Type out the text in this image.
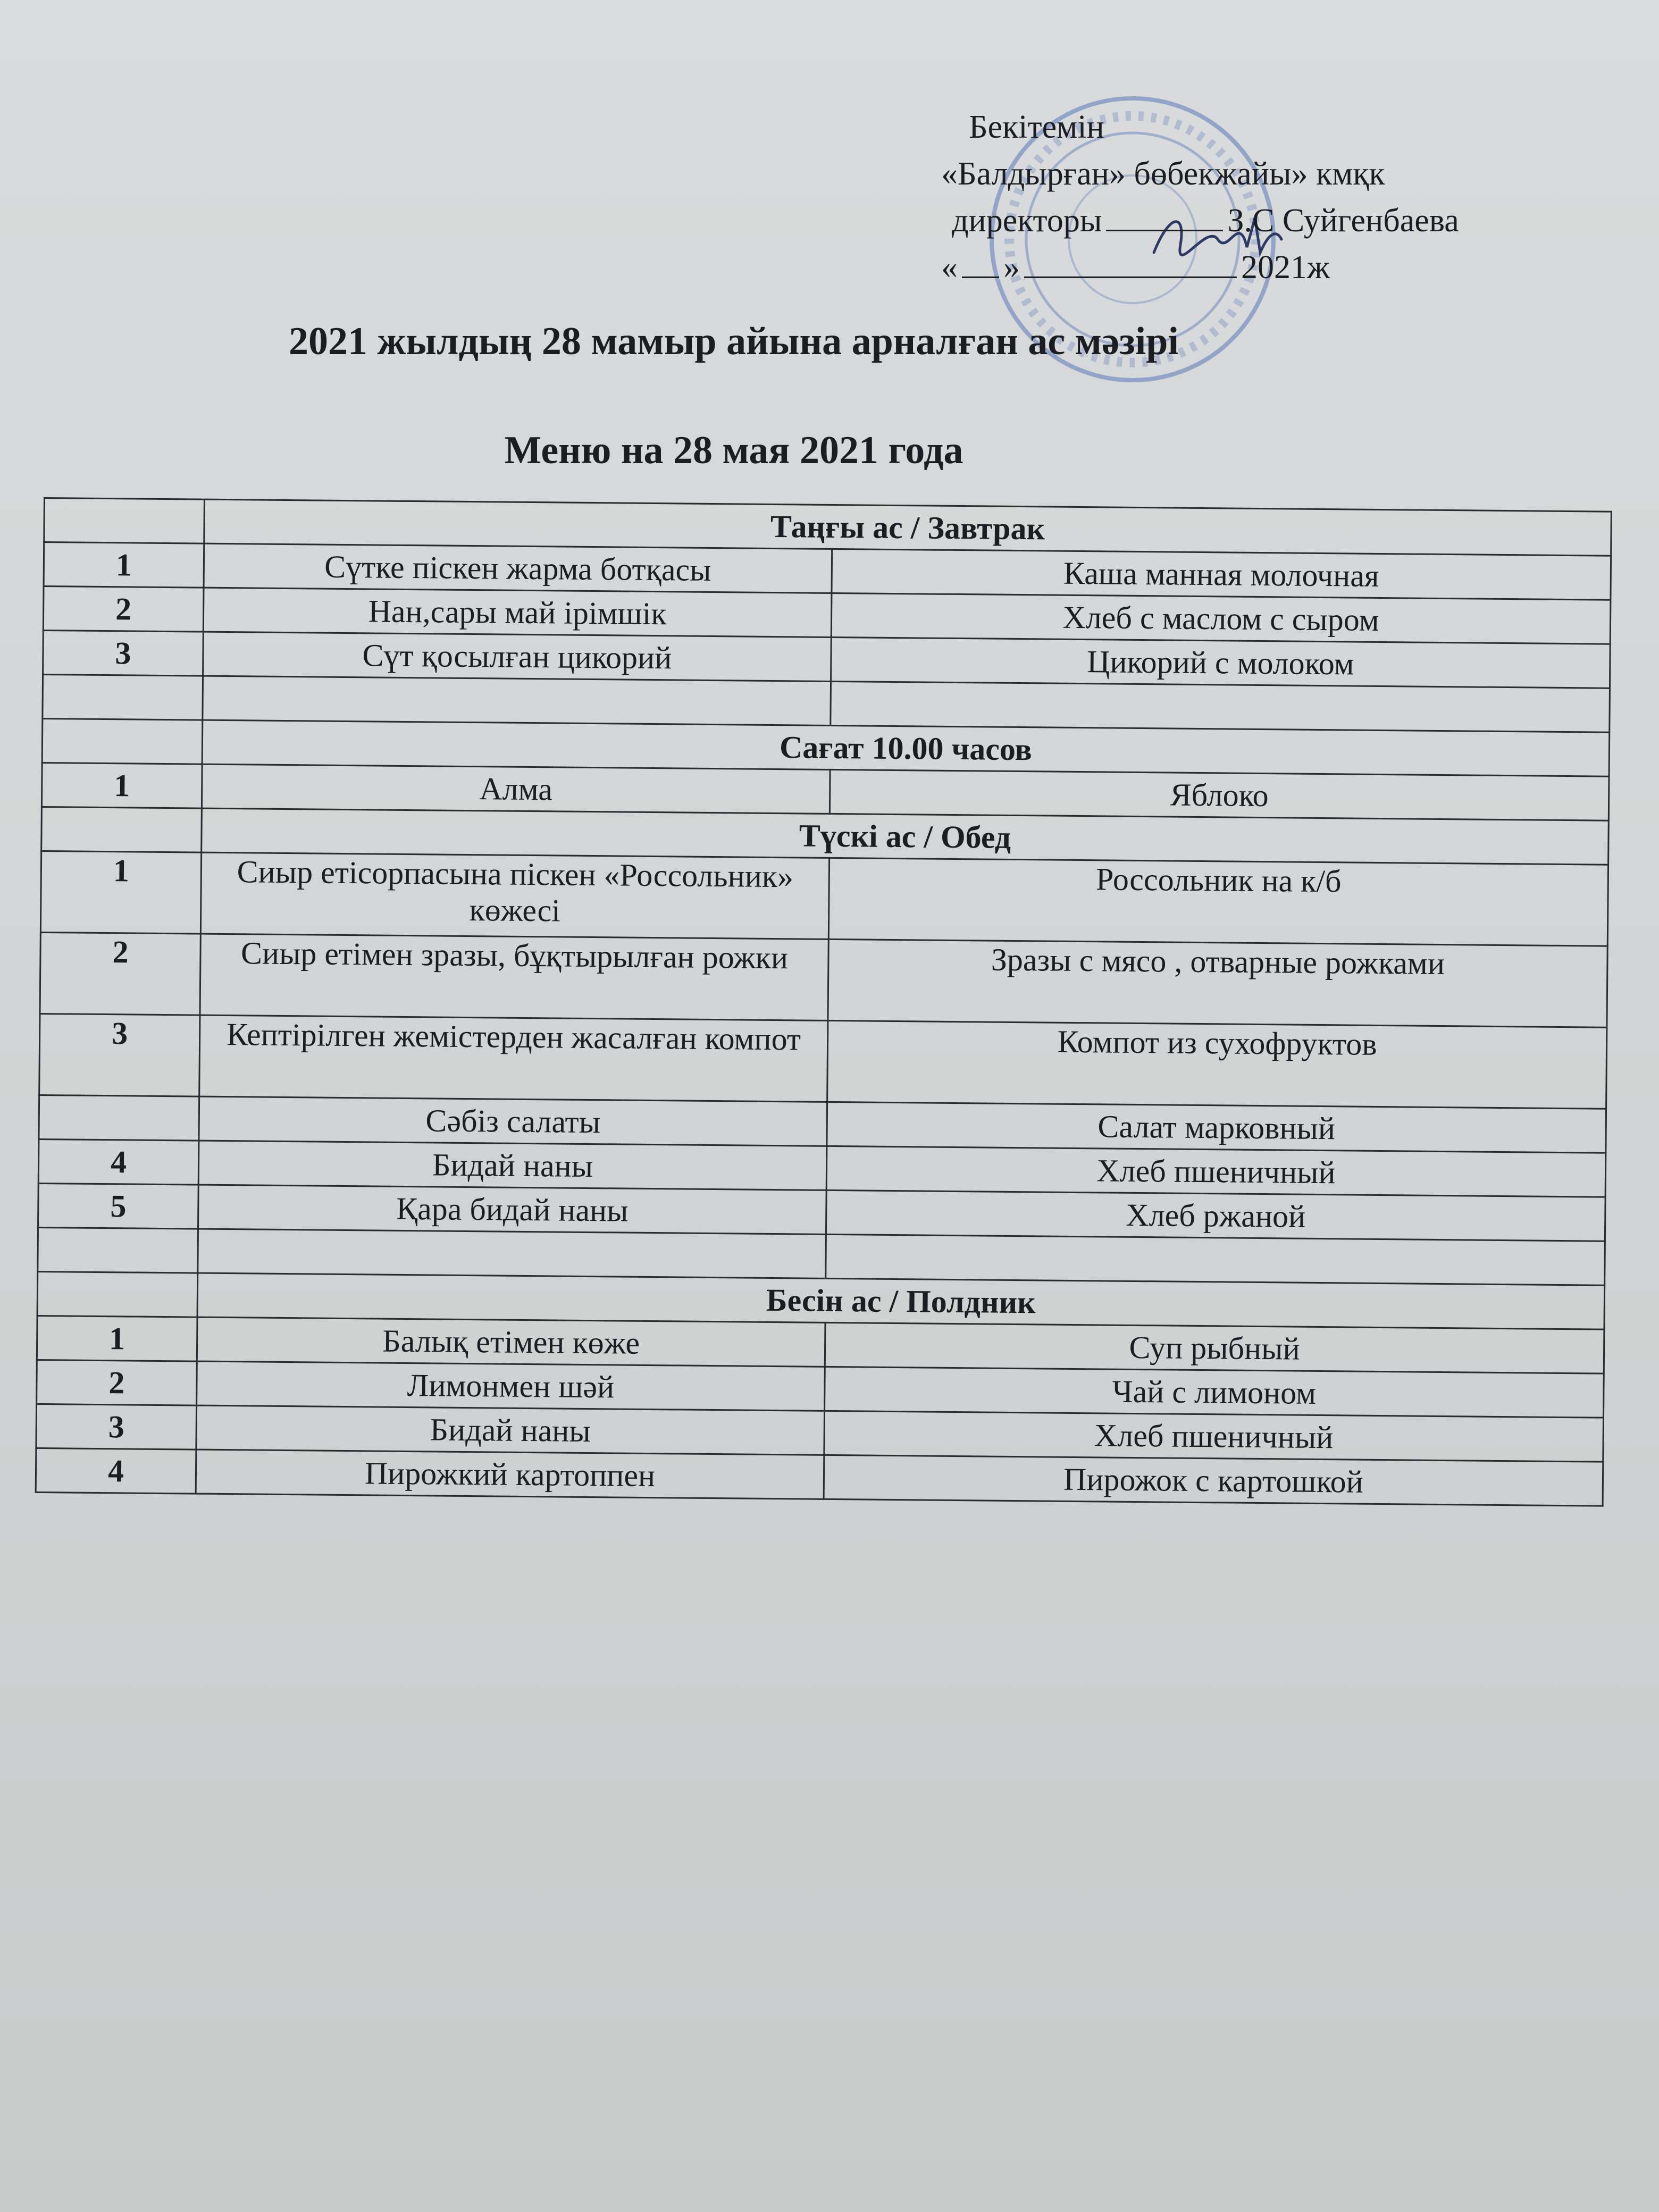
Бекітемін
«Балдырған» бөбекжайы» кмқк
директоры	З.С Суйгенбаева
« »	2021ж
2021 жылдың 28 мамыр айына арналған ас мәзірі
Меню на 28 мая 2021 года
	Таңғы ас / Завтрак	
1	Сүтке піскен жарма ботқасы	Каша манная молочная
2	Нан,сары май ірімшік	Хлеб с маслом с сыром
3	Сүт қосылған цикорий	Цикорий с молоком

	Сағат 10.00 часов	
1	Алма	Яблоко
	Түскі ас / Обед	
1	Сиыр етісорпасына піскен «Россольник» көжесі	Россольник на к/б
2	Сиыр етімен зразы, бұқтырылған рожки	Зразы с мясо , отварные рожками
3	Кептірілген жемістерден жасалған компот	Компот из сухофруктов
	Сәбіз салаты	Салат марковный
4	Бидай наны	Хлеб пшеничный
5	Қара бидай наны	Хлеб ржаной

	Бесін ас / Полдник	
1	Балық етімен көже	Суп рыбный
2	Лимонмен шәй	Чай с лимоном
3	Бидай наны	Хлеб пшеничный
4	Пирожкий картоппен	Пирожок с картошкой
